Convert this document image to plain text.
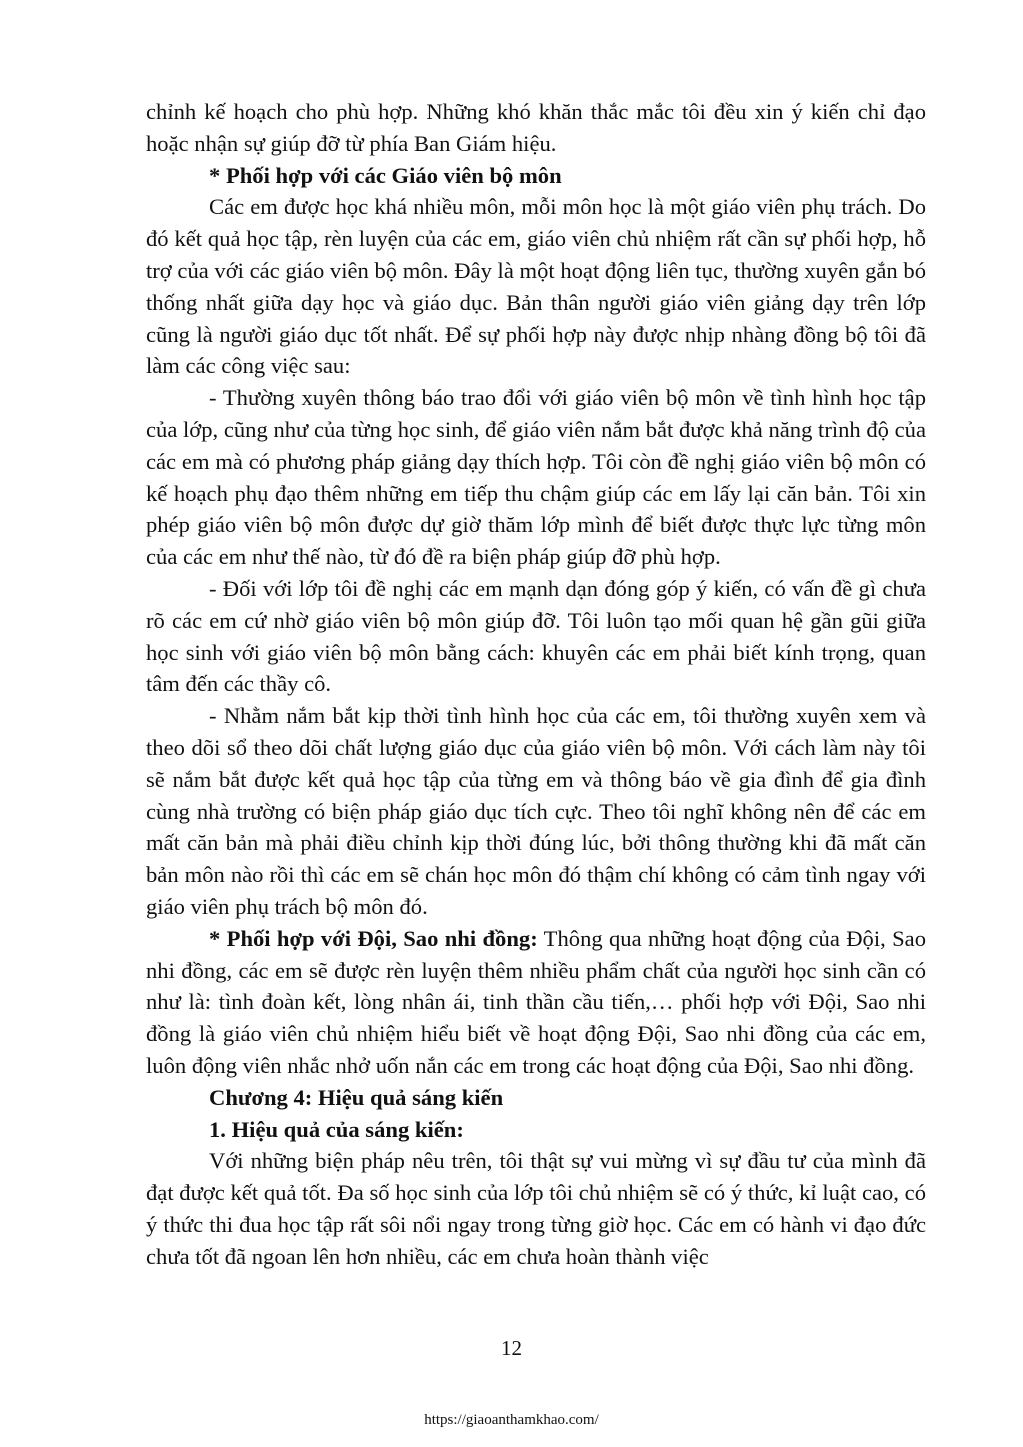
chỉnh kế hoạch cho phù hợp. Những khó khăn thắc mắc tôi đều xin ý kiến chỉ đạo hoặc nhận sự giúp đỡ từ phía Ban Giám hiệu.

* Phối hợp với các Giáo viên bộ môn

Các em được học khá nhiều môn, mỗi môn học là một giáo viên phụ trách. Do đó kết quả học tập, rèn luyện của các em, giáo viên chủ nhiệm rất cần sự phối hợp, hỗ trợ của với các giáo viên bộ môn. Đây là một hoạt động liên tục, thường xuyên gắn bó thống nhất giữa dạy học và giáo dục. Bản thân người giáo viên giảng dạy trên lớp cũng là người giáo dục tốt nhất. Để sự phối hợp này được nhịp nhàng đồng bộ tôi đã làm các công việc sau:

- Thường xuyên thông báo trao đổi với giáo viên bộ môn về tình hình học tập của lớp, cũng như của từng học sinh, để giáo viên nắm bắt được khả năng trình độ của các em mà có phương pháp giảng dạy thích hợp. Tôi còn đề nghị giáo viên bộ môn có kế hoạch phụ đạo thêm những em tiếp thu chậm giúp các em lấy lại căn bản. Tôi xin phép giáo viên bộ môn được dự giờ thăm lớp mình để biết được thực lực từng môn của các em như thế nào, từ đó đề ra biện pháp giúp đỡ phù hợp.

- Đối với lớp tôi đề nghị các em mạnh dạn đóng góp ý kiến, có vấn đề gì chưa rõ các em cứ nhờ giáo viên bộ môn giúp đỡ. Tôi luôn tạo mối quan hệ gần gũi giữa học sinh với giáo viên bộ môn bằng cách: khuyên các em phải biết kính trọng, quan tâm đến các thầy cô.

- Nhằm nắm bắt kịp thời tình hình học của các em, tôi thường xuyên xem và theo dõi sổ theo dõi chất lượng giáo dục của giáo viên bộ môn. Với cách làm này tôi sẽ nắm bắt được kết quả học tập của từng em và thông báo về gia đình để gia đình cùng nhà trường có biện pháp giáo dục tích cực. Theo tôi nghĩ không nên để các em mất căn bản mà phải điều chỉnh kịp thời đúng lúc, bởi thông thường khi đã mất căn bản môn nào rồi thì các em sẽ chán học môn đó thậm chí không có cảm tình ngay với giáo viên phụ trách bộ môn đó.

* Phối hợp với Đội, Sao nhi đồng: Thông qua những hoạt động của Đội, Sao nhi đồng, các em sẽ được rèn luyện thêm nhiều phẩm chất của người học sinh cần có như là: tình đoàn kết, lòng nhân ái, tinh thần cầu tiến,… phối hợp với Đội, Sao nhi đồng là giáo viên chủ nhiệm hiểu biết về hoạt động Đội, Sao nhi đồng của các em, luôn động viên nhắc nhở uốn nắn các em trong các hoạt động của Đội, Sao nhi đồng.

Chương 4: Hiệu quả sáng kiến

1. Hiệu quả của sáng kiến:

Với những biện pháp nêu trên, tôi thật sự vui mừng vì sự đầu tư của mình đã đạt được kết quả tốt. Đa số học sinh của lớp tôi chủ nhiệm sẽ có ý thức, kỉ luật cao, có ý thức thi đua học tập rất sôi nổi ngay trong từng giờ học. Các em có hành vi đạo đức chưa tốt đã ngoan lên hơn nhiều, các em chưa hoàn thành việc

12
https://giaoanthamkhao.com/
